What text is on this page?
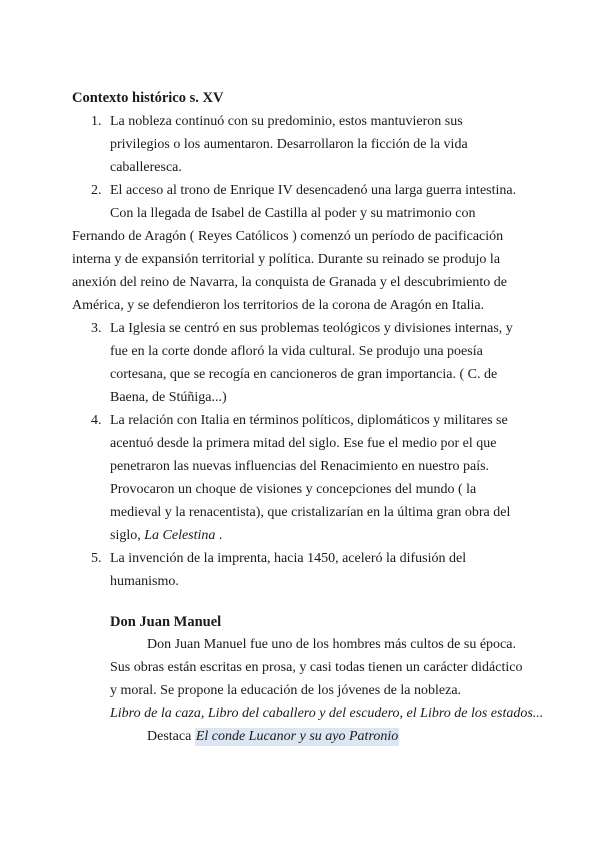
Contexto histórico s. XV
1. La nobleza continuó con su predominio, estos mantuvieron sus
privilegios o los aumentaron. Desarrollaron la ficción de la vida
caballeresca.
2. El acceso al trono de Enrique IV desencadenó una larga guerra intestina.
Con la llegada de Isabel de Castilla al poder y su matrimonio con
Fernando de Aragón ( Reyes Católicos ) comenzó un período de pacificación
interna y de expansión territorial y política. Durante su reinado se produjo la
anexión del reino de Navarra, la conquista de Granada y el descubrimiento de
América, y se defendieron los territorios de la corona de Aragón en Italia.
3. La Iglesia se centró en sus problemas teológicos y divisiones internas, y
fue en la corte donde afloró la vida cultural. Se produjo una poesía
cortesana, que se recogía en cancioneros de gran importancia. ( C. de
Baena, de Stúñiga...)
4. La relación con Italia en términos políticos, diplomáticos y militares se
acentuó desde la primera mitad del siglo. Ese fue el medio por el que
penetraron las nuevas influencias del Renacimiento en nuestro país.
Provocaron un choque de visiones y concepciones del mundo ( la
medieval y la renacentista), que cristalizarían en la última gran obra del
siglo, La Celestina .
5. La invención de la imprenta, hacia 1450, aceleró la difusión del
humanismo.
Don Juan Manuel
Don Juan Manuel fue uno de los hombres más cultos de su época.
Sus obras están escritas en prosa, y casi todas tienen un carácter didáctico
y moral. Se propone la educación de los jóvenes de la nobleza.
Libro de la caza, Libro del caballero y del escudero, el Libro de los estados...
Destaca El conde Lucanor y su ayo Patronio
